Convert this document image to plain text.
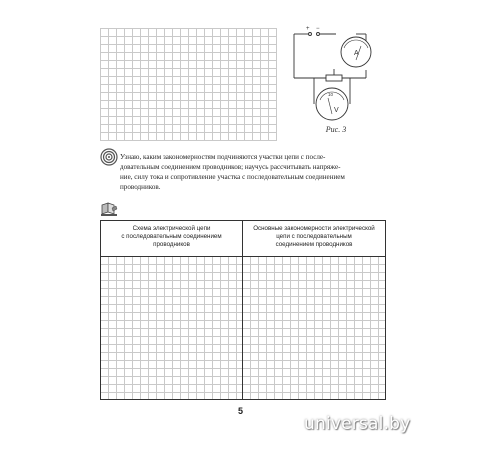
+ −
A
V
10
Рис. 3
Узнаю, каким закономерностям подчиняются участки цепи с после-
довательным соединением проводников; научусь рассчитывать напряже-
ние, силу тока и сопротивление участка с последовательным соединением
проводников.
Схема электрической цепи
с последовательным соединением
проводников
Основные закономерности электрической
цепи с последовательным
соединением проводников
5
universal.by
